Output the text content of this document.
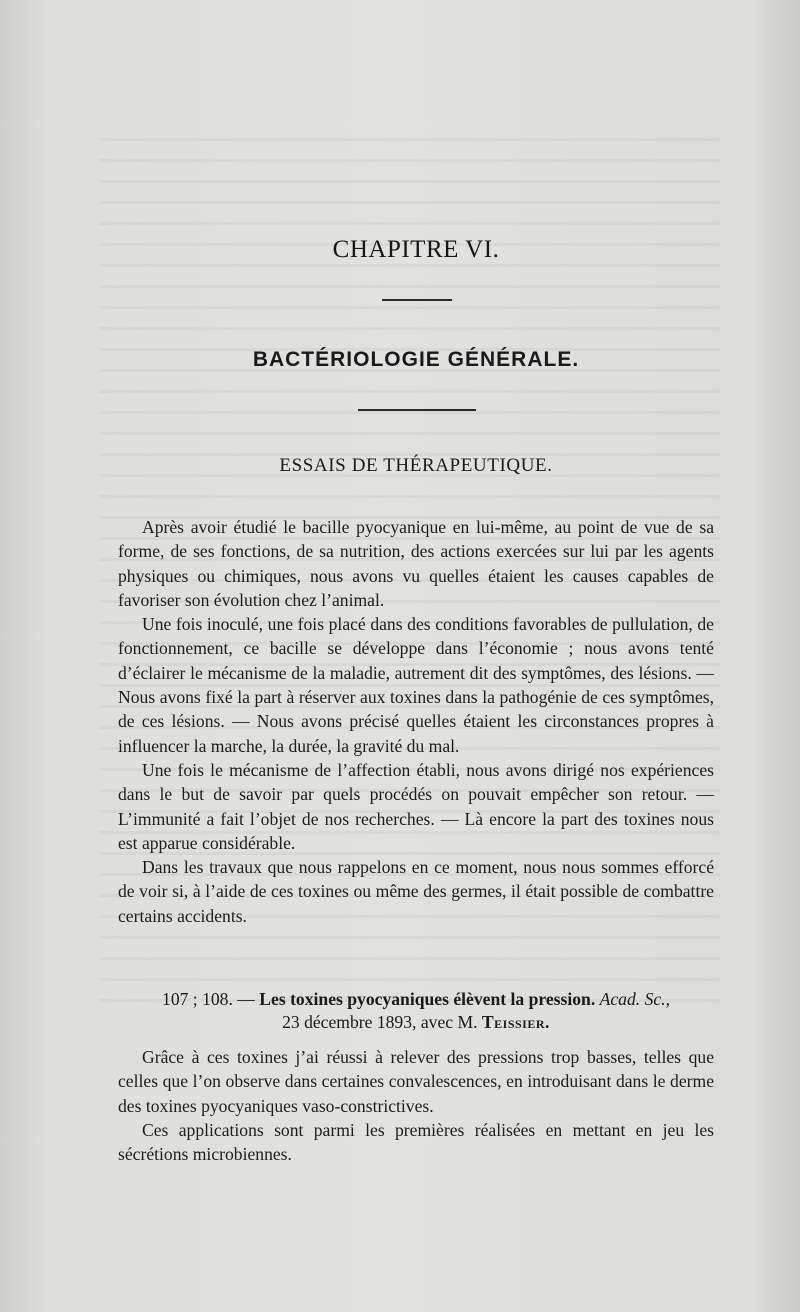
CHAPITRE VI.
BACTÉRIOLOGIE GÉNÉRALE.
ESSAIS DE THÉRAPEUTIQUE.

Après avoir étudié le bacille pyocyanique en lui-même, au point de vue de sa forme, de ses fonctions, de sa nutrition, des actions exercées sur lui par les agents physiques ou chimiques, nous avons vu quelles étaient les causes capables de favoriser son évolution chez l’animal.

Une fois inoculé, une fois placé dans des conditions favorables de pullulation, de fonctionnement, ce bacille se développe dans l’économie ; nous avons tenté d’éclairer le mécanisme de la maladie, autrement dit des symptômes, des lésions. — Nous avons fixé la part à réserver aux toxines dans la pathogénie de ces symptômes, de ces lésions. — Nous avons précisé quelles étaient les circonstances propres à influencer la marche, la durée, la gravité du mal.

Une fois le mécanisme de l’affection établi, nous avons dirigé nos expériences dans le but de savoir par quels procédés on pouvait empêcher son retour. — L’immunité a fait l’objet de nos recherches. — Là encore la part des toxines nous est apparue considérable.

Dans les travaux que nous rappelons en ce moment, nous nous sommes efforcé de voir si, à l’aide de ces toxines ou même des germes, il était possible de combattre certains accidents.

107 ; 108. — Les toxines pyocyaniques élèvent la pression. Acad. Sc.,
23 décembre 1893, avec M. Teissier.

Grâce à ces toxines j’ai réussi à relever des pressions trop basses, telles que celles que l’on observe dans certaines convalescences, en introduisant dans le derme des toxines pyocyaniques vaso-constrictives.

Ces applications sont parmi les premières réalisées en mettant en jeu les sécrétions microbiennes.
